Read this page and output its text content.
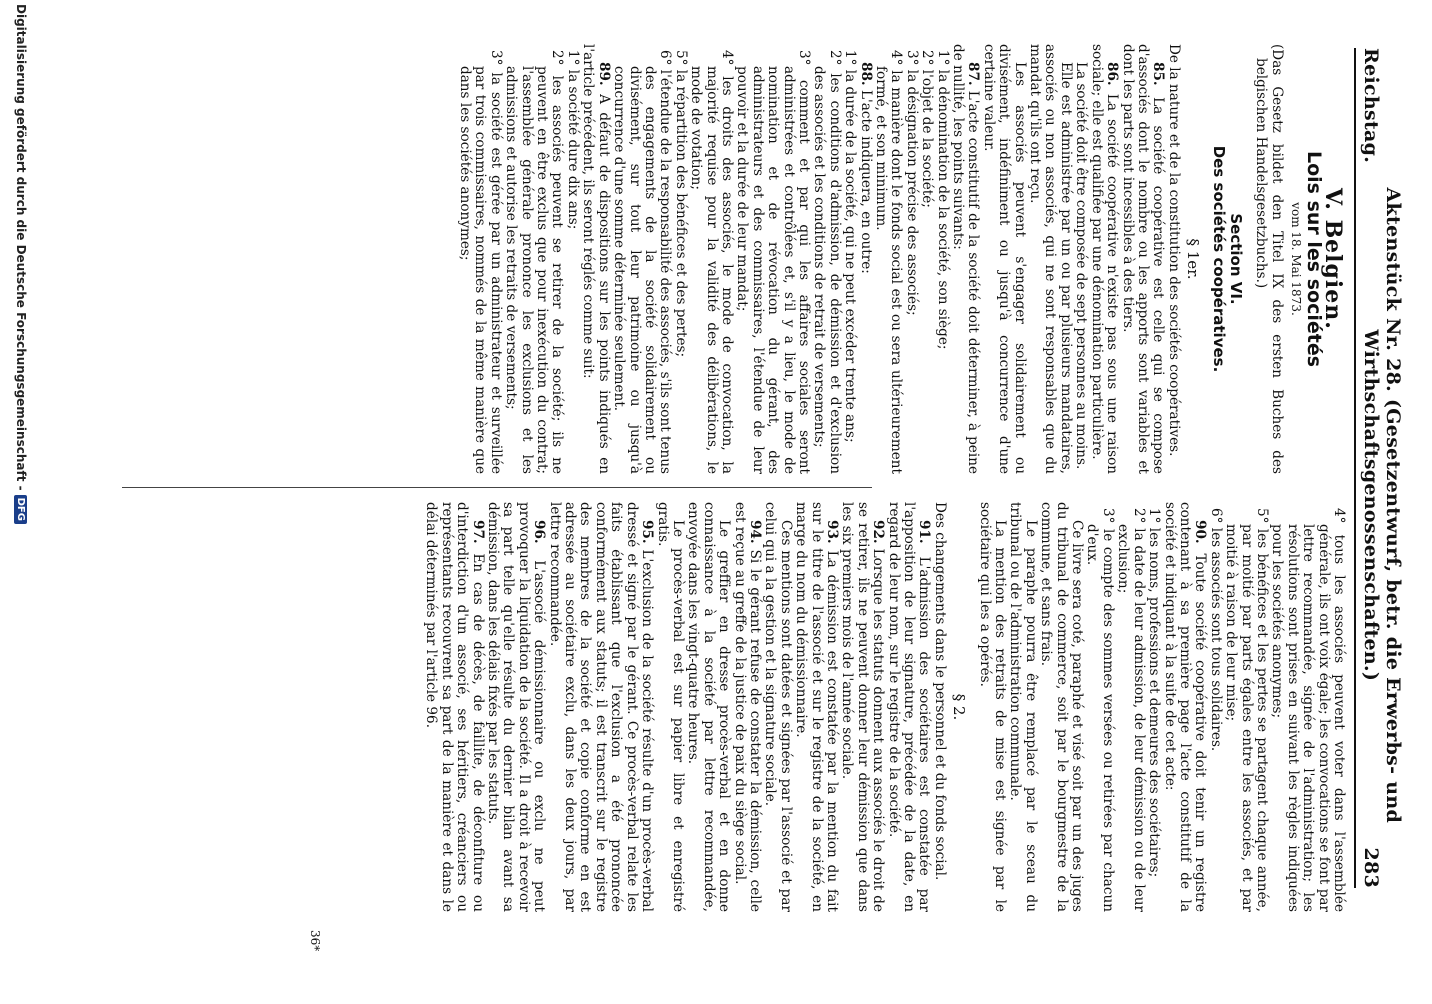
Reichstag.
Aktenstück Nr. 28. (Gesetzentwurf, betr. die Erwerbs- und Wirthschaftsgenossenschaften.)
283
V. Belgien.
Lois sur les sociétés
vom 18. Mai 1873.
(Das Gesetz bildet den Titel IX des ersten Buches des belgischen Handelsgesetzbuchs.)
Section VI.
Des sociétés coopératives.
§ 1er.

De la nature et de la constitution des sociétés coopératives.

85. La société coopérative est celle qui se compose d'associés dont le nombre ou les apports sont variables et dont les parts sont incessibles à des tiers.

86. La société coopérative n'existe pas sous une raison sociale; elle est qualifiée par une dénomination particulière.

La société doit être composée de sept personnes au moins.

Elle est administrée par un ou par plusieurs mandataires, associés ou non associés, qui ne sont responsables que du mandat qu'ils ont reçu.

Les associés peuvent s'engager solidairement ou divisément, indéfiniment ou jusqu'à concurrence d'une certaine valeur.

87. L'acte constitutif de la société doit déterminer, à peine de nullité, les points suivants:

1° la dénomination de la société, son siège;
2° l'objet de la société;
3° la désignation précise des associés;
4° la manière dont le fonds social est ou sera ultérieurement formé, et son minimum.

88. L'acte indiquera, en outre:

1° la durée de la société, qui ne peut excéder trente ans;
2° les conditions d'admission, de démission et d'exclusion des associés et les conditions de retrait de versements;
3° comment et par qui les affaires sociales seront administrées et contrôlées et, s'il y a lieu, le mode de nomination et de révocation du gérant, des administrateurs et des commissaires, l'étendue de leur pouvoir et la durée de leur mandat;
4° les droits des associés, le mode de convocation, la majorité requise pour la validité des délibérations, le mode de votation;
5° la répartition des bénéfices et des pertes;
6° l'étendue de la responsabilité des associés, s'ils sont tenus des engagements de la société solidairement ou divisément, sur tout leur patrimoine ou jusqu'à concurrence d'une somme déterminée seulement.

89. A défaut de dispositions sur les points indiqués en l'article précédent, ils seront réglés comme suit:

1° la société dure dix ans;
2° les associés peuvent se retirer de la société; ils ne peuvent en être exclus que pour inexécution du contrat; l'assemblée générale prononce les exclusions et les admissions et autorise les retraits de versements;
3° la société est gérée par un administrateur et surveillée par trois commissaires, nommés de la même manière que dans les sociétés anonymes;
4° tous les associés peuvent voter dans l'assemblée générale, ils ont voix égale; les convocations se font par lettre recommandée, signée de l'administration; les résolutions sont prises en suivant les règles indiquées pour les sociétés anonymes;
5° les bénéfices et les pertes se partagent chaque année, par moitié par parts égales entre les associés, et par moitié à raison de leur mise;
6° les associés sont tous solidaires.

90. Toute société coopérative doit tenir un registre contenant à sa première page l'acte constitutif de la société et indiquant à la suite de cet acte:

1° les noms, professions et demeures des sociétaires;
2° la date de leur admission, de leur démission ou de leur exclusion;
3° le compte des sommes versées ou retirées par chacun d'eux.

Ce livre sera coté, paraphé et visé soit par un des juges du tribunal de commerce, soit par le bourgmestre de la commune, et sans frais.

Le paraphe pourra être remplacé par le sceau du tribunal ou de l'administration communale.

La mention des retraits de mise est signée par le sociétaire qui les a opérés.

§ 2.

Des changements dans le personnel et du fonds social.

91. L'admission des sociétaires est constatée par l'apposition de leur signature, précédée de la date, en regard de leur nom, sur le registre de la société.

92. Lorsque les statuts donnent aux associés le droit de se retirer, ils ne peuvent donner leur démission que dans les six premiers mois de l'année sociale.

93. La démission est constatée par la mention du fait sur le titre de l'associé et sur le registre de la société, en marge du nom du démissionnaire.

Ces mentions sont datées et signées par l'associé et par celui qui a la gestion et la signature sociale.

94. Si le gérant refuse de constater la démission, celle est reçue au greffe de la justice de paix du siège social.

Le greffier en dresse procès-verbal et en donne connaissance à la société par lettre recommandée, envoyée dans les vingt-quatre heures.

Le procès-verbal est sur papier libre et enregistré gratis.

95. L'exclusion de la société résulte d'un procès-verbal dressé et signé par le gérant. Ce procès-verbal relate les faits établissant que l'exclusion a été prononcée conformément aux statuts; il est transcrit sur le registre des membres de la société et copie conforme en est adressée au sociétaire exclu, dans les deux jours, par lettre recommandée.

96. L'associé démissionnaire ou exclu ne peut provoquer la liquidation de la société. Il a droit à recevoir sa part telle qu'elle résulte du dernier bilan avant sa démission, dans les délais fixés par les statuts.

97. En cas de décès, de faillite, de déconfiture ou d'interdiction d'un associé, ses héritiers, créanciers ou représentants recouvrent sa part de la manière et dans le délai déterminés par l'article 96.

36*
Digitalisierung gefördert durch die Deutsche Forschungsgemeinschaft -DFG
